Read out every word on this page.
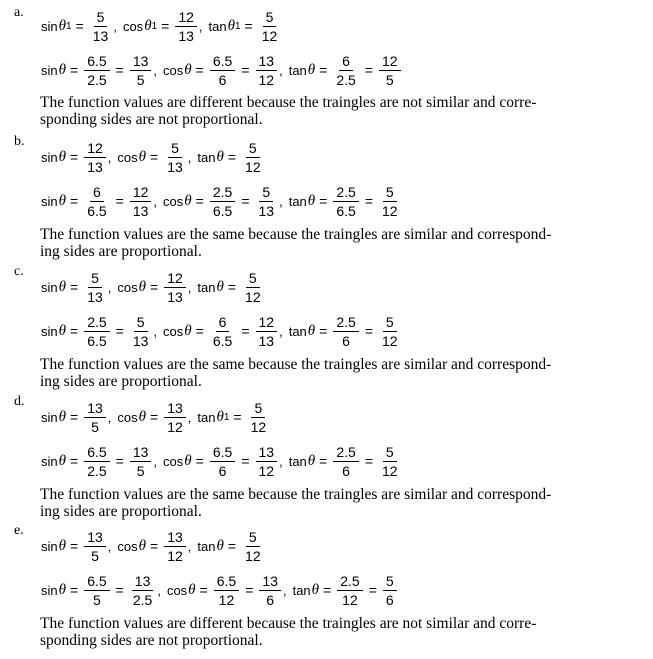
a.
sin θ $1 = \frac{5}{13}$ , cos θ $1 = \frac{12}{13}$ , tan θ $1 = \frac{5}{12}$
$\sin \theta = \frac{6.5}{2.5} = \frac{13}{5}$ , $\cos \theta = \frac{6.5}{6} = \frac{13}{12}$ , $\tan \theta = \frac{6}{2.5} = \frac{12}{5}$
The function values are different because the traingles are not similar and corre-
sponding sides are not proportional.
b.
$\sin \theta = \frac{12}{13}$ , $\cos \theta = \frac{5}{13}$ , $\tan \theta = \frac{5}{12}$
$\sin \theta = \frac{6}{6.5} = \frac{12}{13}$ , $\cos \theta = \frac{2.5}{6.5} = \frac{5}{13}$ , $\tan \theta = \frac{2.5}{6.5} = \frac{5}{12}$
The function values are the same because the traingles are similar and correspond-
ing sides are proportional.
c.
$\sin \theta = \frac{5}{13}$ , $\cos \theta = \frac{12}{13}$ , $\tan \theta = \frac{5}{12}$
$\sin \theta = \frac{2.5}{6.5} = \frac{5}{13}$ , $\cos \theta = \frac{6}{6.5} = \frac{12}{13}$ , $\tan \theta = \frac{2.5}{6} = \frac{5}{12}$
The function values are the same because the traingles are similar and correspond-
ing sides are proportional.
d.
$\sin \theta = \frac{13}{5}$ , $\cos \theta = \frac{13}{12}$ , tan θ $1 = \frac{5}{12}$
$\sin \theta = \frac{6.5}{2.5} = \frac{13}{5}$ , $\cos \theta = \frac{6.5}{6} = \frac{13}{12}$ , $\tan \theta = \frac{2.5}{6} = \frac{5}{12}$
The function values are the same because the traingles are similar and correspond-
ing sides are proportional.
e.
$\sin \theta = \frac{13}{5}$ , $\cos \theta = \frac{13}{12}$ , $\tan \theta = \frac{5}{12}$
$\sin \theta = \frac{6.5}{5} = \frac{13}{2.5}$ , $\cos \theta = \frac{6.5}{12} = \frac{13}{6}$ , $\tan \theta = \frac{2.5}{12} = \frac{5}{6}$
The function values are different because the traingles are not similar and corre-
sponding sides are not proportional.
